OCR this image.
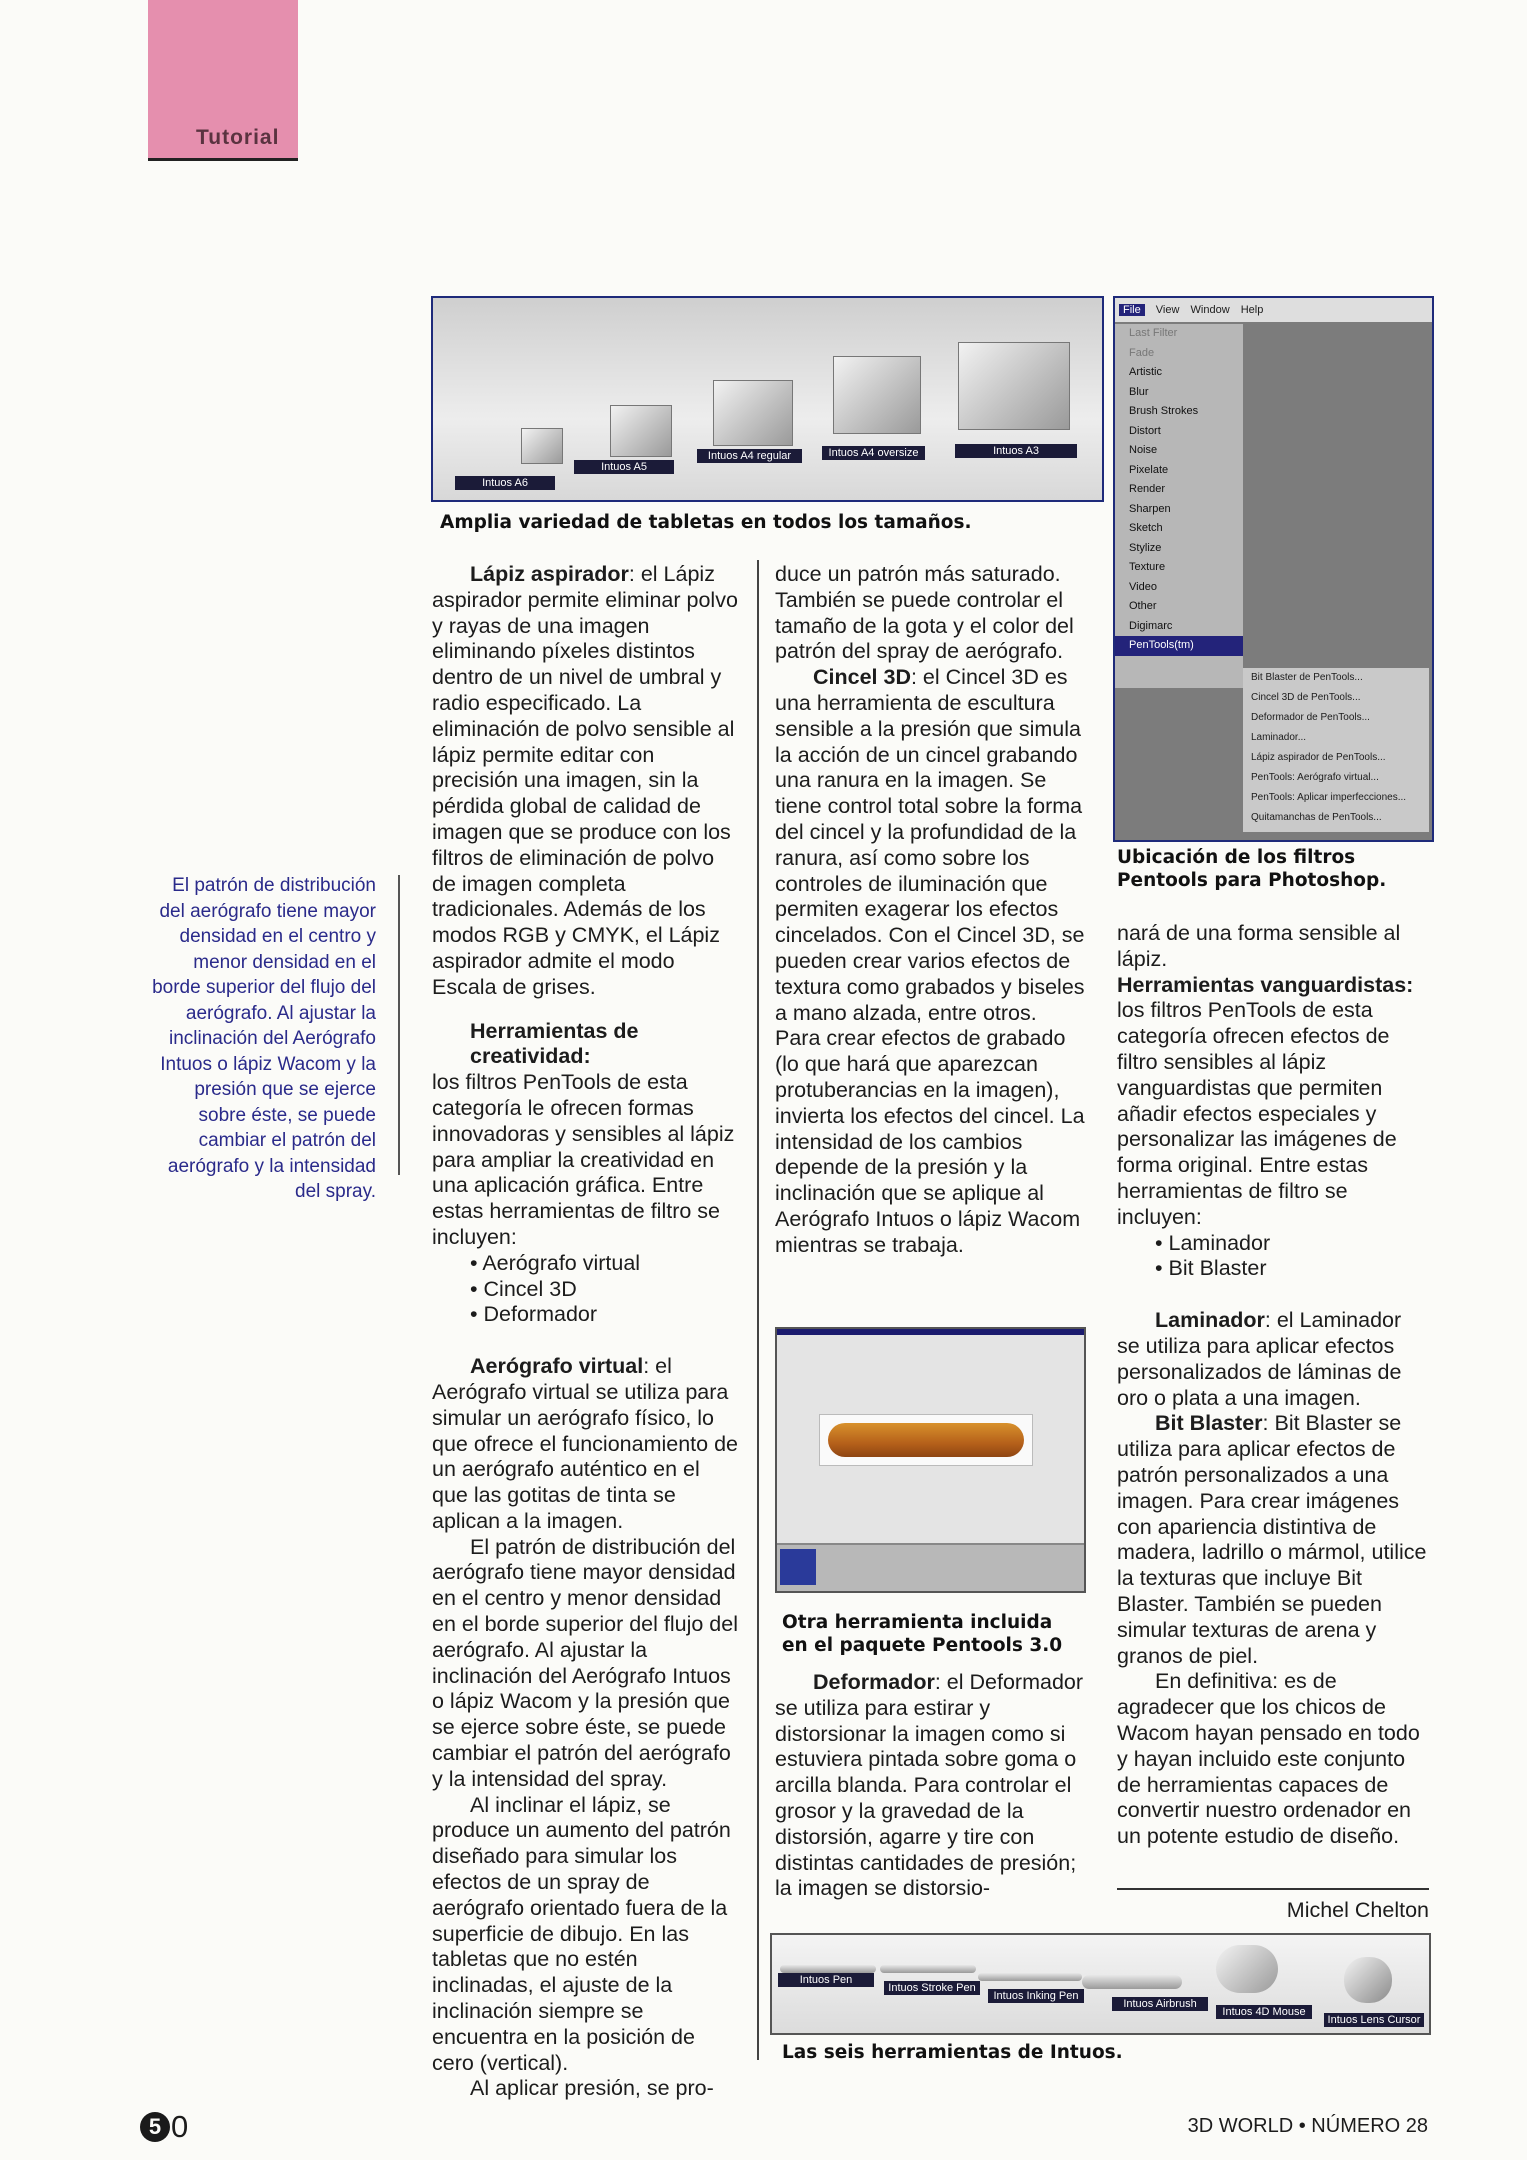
Tutorial
El patrón de distribución del aerógrafo tiene mayor densidad en el centro y menor densidad en el borde superior del flujo del aerógrafo. Al ajustar la inclinación del Aerógrafo Intuos o lápiz Wacom y la presión que se ejerce sobre éste, se puede cambiar el patrón del aerógrafo y la intensidad del spray.
Intuos A6
Intuos A5
Intuos A4 regular	Intuos A4 oversize	Intuos A3
Amplia variedad de tabletas en todos los tamaños.
File View Window Help
Last Filter
Fade
Artistic
Blur
Brush Strokes
Distort
Noise
Pixelate
Render
Sharpen
Sketch
Stylize
Texture
Video
Other
Digimarc
PenTools(tm)
Bit Blaster de PenTools...
Cincel 3D de PenTools...
Deformador de PenTools...
Laminador...
Lápiz aspirador de PenTools...
PenTools: Aerógrafo virtual...
PenTools: Aplicar imperfecciones...
Quitamanchas de PenTools...
Ubicación de los filtros Pentools para Photoshop.

Lápiz aspirador: el Lápiz aspirador permite eliminar polvo y rayas de una imagen eliminando píxeles distintos dentro de un nivel de umbral y radio especificado. La eliminación de polvo sensible al lápiz permite editar con precisión una imagen, sin la pérdida global de calidad de imagen que se produce con los filtros de eliminación de polvo de imagen completa tradicionales. Además de los modos RGB y CMYK, el Lápiz aspirador admite el modo Escala de grises.

Herramientas de creatividad:

los filtros PenTools de esta categoría le ofrecen formas innovadoras y sensibles al lápiz para ampliar la creatividad en una aplicación gráfica. Entre estas herramientas de filtro se incluyen:

• Aerógrafo virtual
• Cincel 3D
• Deformador

Aerógrafo virtual: el Aerógrafo virtual se utiliza para simular un aerógrafo físico, lo que ofrece el funcionamiento de un aerógrafo auténtico en el que las gotitas de tinta se aplican a la imagen.

El patrón de distribución del aerógrafo tiene mayor densidad en el centro y menor densidad en el borde superior del flujo del aerógrafo. Al ajustar la inclinación del Aerógrafo Intuos o lápiz Wacom y la presión que se ejerce sobre éste, se puede cambiar el patrón del aerógrafo y la intensidad del spray.

Al inclinar el lápiz, se produce un aumento del patrón diseñado para simular los efectos de un spray de aerógrafo orientado fuera de la superficie de dibujo. En las tabletas que no estén inclinadas, el ajuste de la inclinación siempre se encuentra en la posición de cero (vertical).

Al aplicar presión, se pro-

duce un patrón más saturado. También se puede controlar el tamaño de la gota y el color del patrón del spray de aerógrafo.

Cincel 3D: el Cincel 3D es una herramienta de escultura sensible a la presión que simula la acción de un cincel grabando una ranura en la imagen. Se tiene control total sobre la forma del cincel y la profundidad de la ranura, así como sobre los controles de iluminación que permiten exagerar los efectos cincelados. Con el Cincel 3D, se pueden crear varios efectos de textura como grabados y biseles a mano alzada, entre otros. Para crear efectos de grabado (lo que hará que aparezcan protuberancias en la imagen), invierta los efectos del cincel. La intensidad de los cambios depende de la presión y la inclinación que se aplique al Aerógrafo Intuos o lápiz Wacom mientras se trabaja.

Otra herramienta incluida en el paquete Pentools 3.0

Deformador: el Deformador se utiliza para estirar y distorsionar la imagen como si estuviera pintada sobre goma o arcilla blanda. Para controlar el grosor y la gravedad de la distorsión, agarre y tire con distintas cantidades de presión; la imagen se distorsio-

nará de una forma sensible al lápiz.

Herramientas vanguardistas:

los filtros PenTools de esta categoría ofrecen efectos de filtro sensibles al lápiz vanguardistas que permiten añadir efectos especiales y personalizar las imágenes de forma original. Entre estas herramientas de filtro se incluyen:

• Laminador
• Bit Blaster

Laminador: el Laminador se utiliza para aplicar efectos personalizados de láminas de oro o plata a una imagen.

Bit Blaster: Bit Blaster se utiliza para aplicar efectos de patrón personalizados a una imagen. Para crear imágenes con apariencia distintiva de madera, ladrillo o mármol, utilice la texturas que incluye Bit Blaster. También se pueden simular texturas de arena y granos de piel.

En definitiva: es de agradecer que los chicos de Wacom hayan pensado en todo y hayan incluido este conjunto de herramientas capaces de convertir nuestro ordenador en un potente estudio de diseño.

Michel Chelton
Intuos Pen
Intuos Stroke Pen
Intuos Inking Pen
Intuos Airbrush
Intuos 4D Mouse
Intuos Lens Cursor
Las seis herramientas de Intuos.
5 0	3D WORLD • NÚMERO 28
